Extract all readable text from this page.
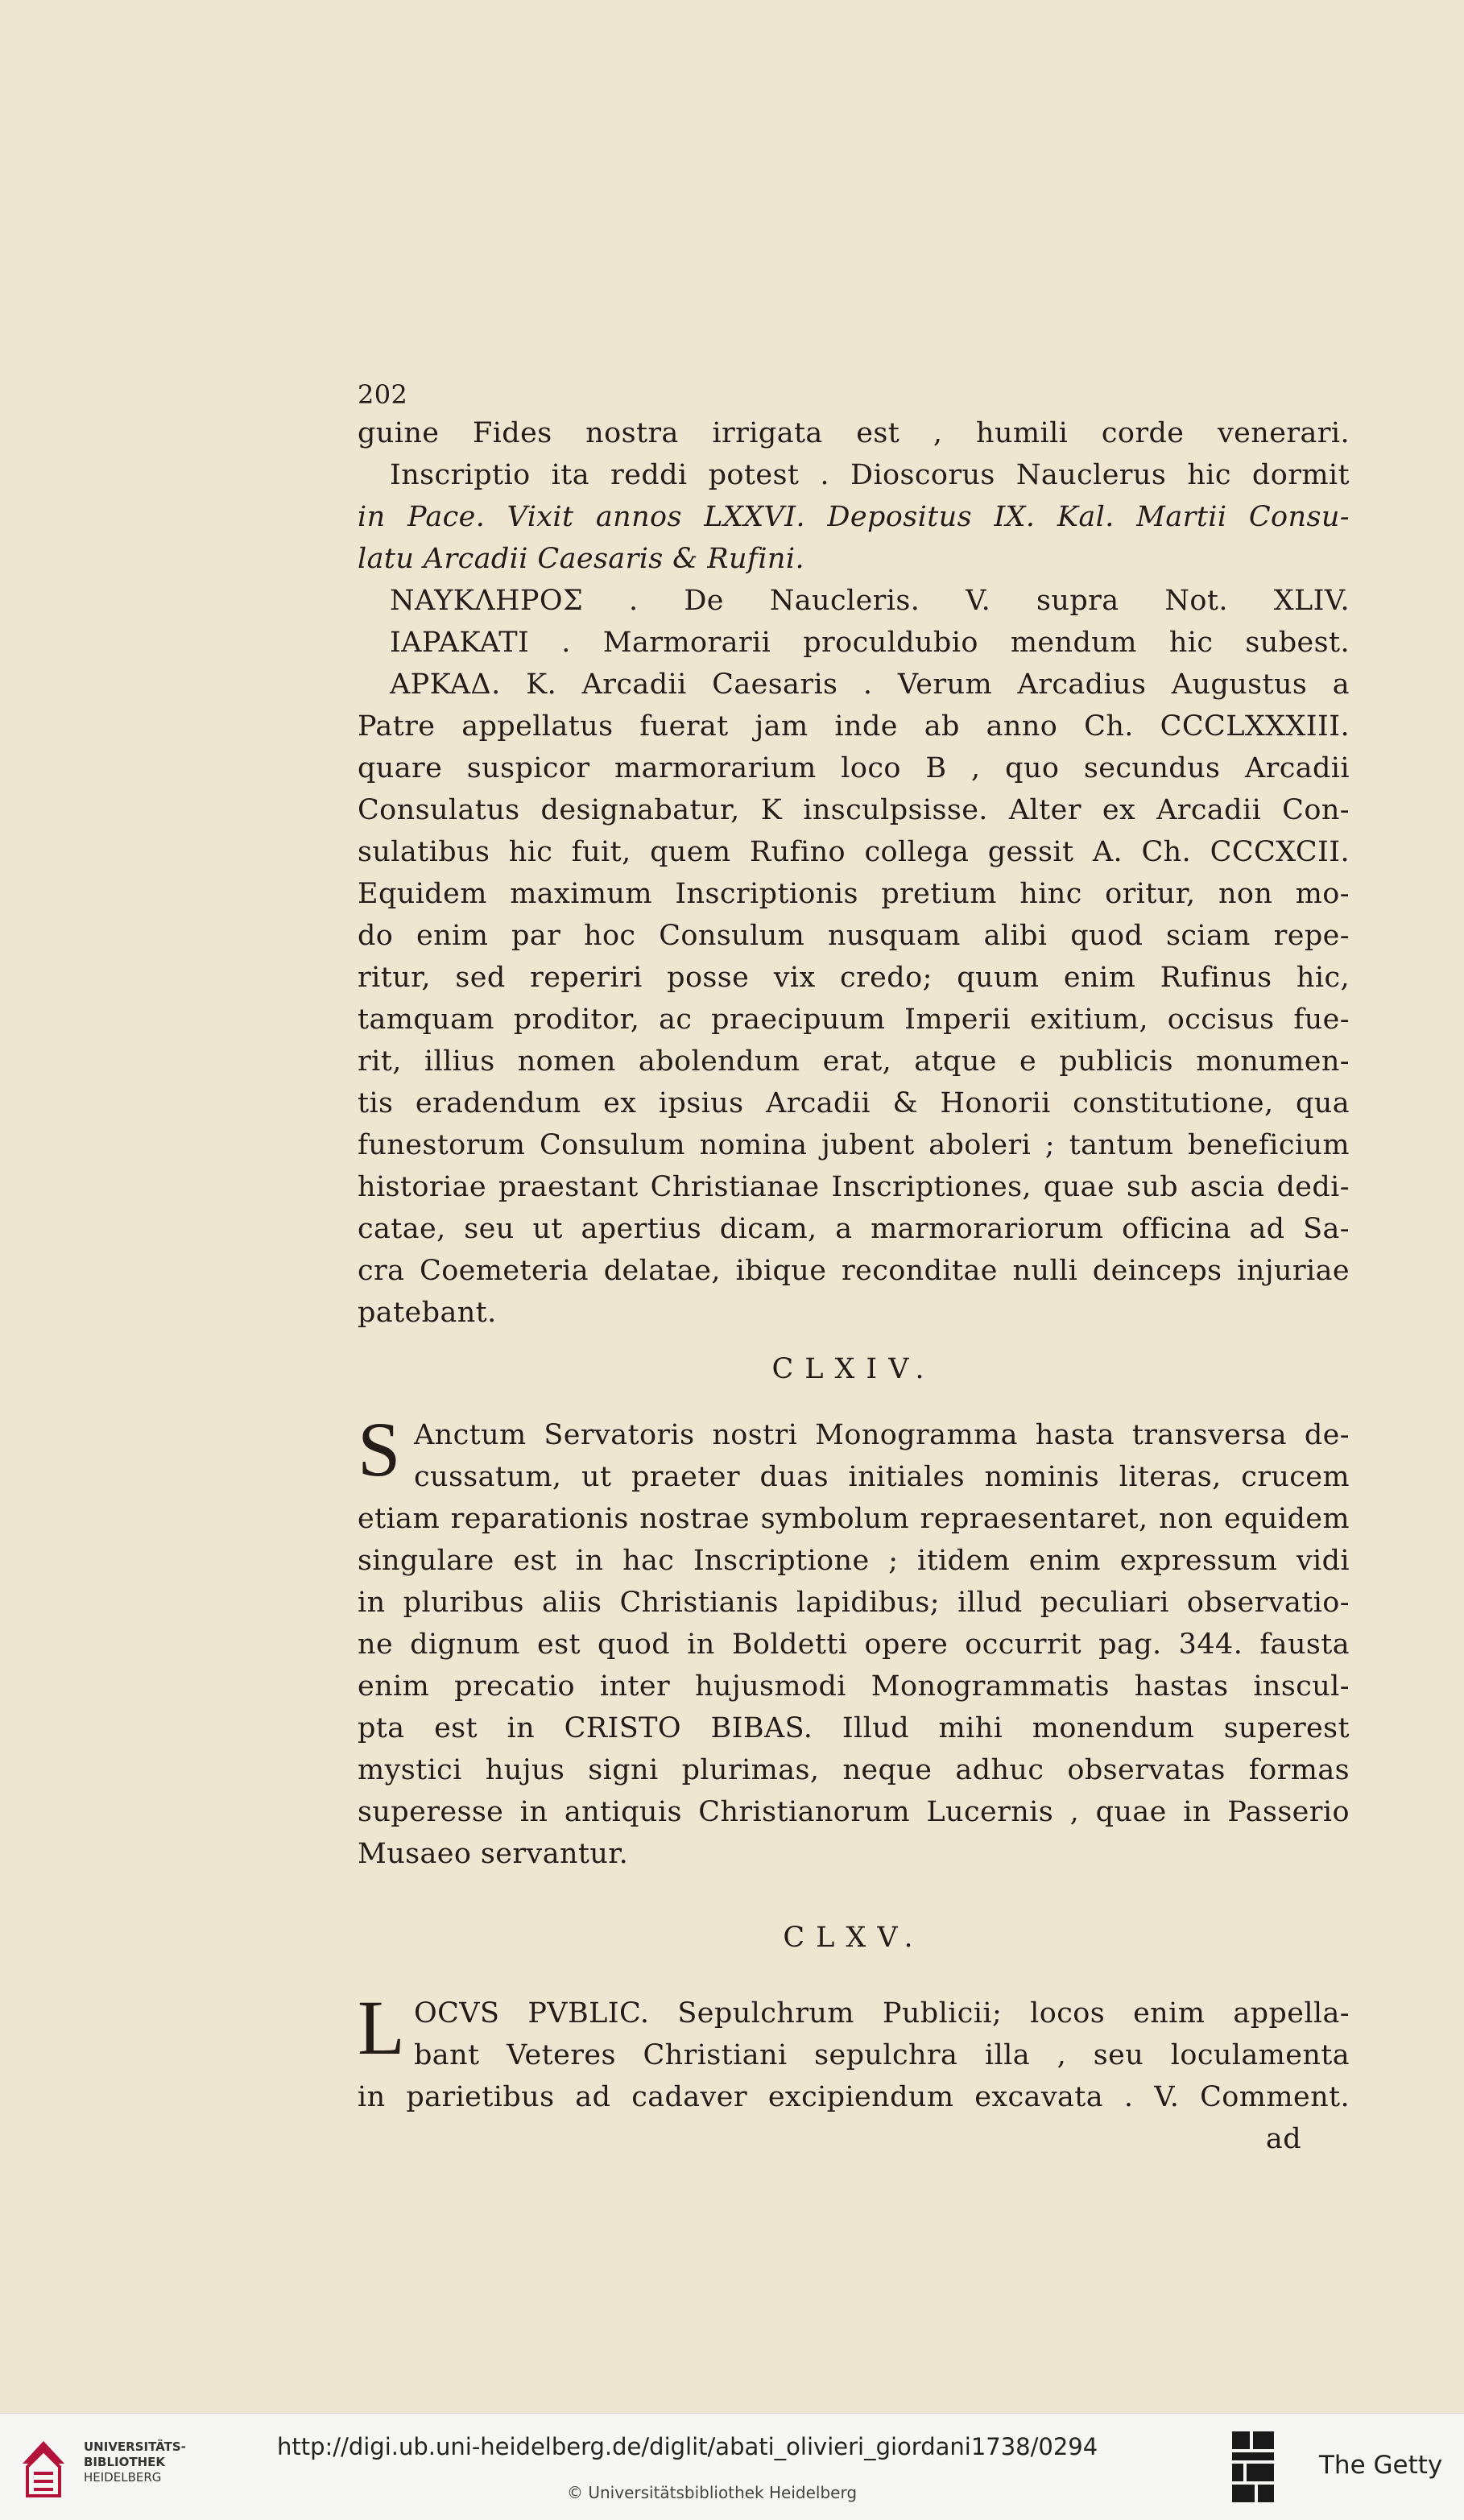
202
guine Fides nostra irrigata est , humili corde venerari.
Inscriptio ita reddi potest . Dioscorus Nauclerus hic dormit
in Pace. Vixit annos LXXVI. Depositus IX. Kal. Martii Consu-
latu Arcadii Caesaris & Rufini.
NAYKΛHPOΣ . De Naucleris. V. supra Not. XLIV.
IAPAKATI . Marmorarii proculdubio mendum hic subest.
APKAΔ. K. Arcadii Caesaris . Verum Arcadius Augustus a
Patre appellatus fuerat jam inde ab anno Ch. CCCLXXXIII.
quare suspicor marmorarium loco B , quo secundus Arcadii
Consulatus designabatur, K insculpsisse. Alter ex Arcadii Con-
sulatibus hic fuit, quem Rufino collega gessit A. Ch. CCCXCII.
Equidem maximum Inscriptionis pretium hinc oritur, non mo-
do enim par hoc Consulum nusquam alibi quod sciam repe-
ritur, sed reperiri posse vix credo; quum enim Rufinus hic,
tamquam proditor, ac praecipuum Imperii exitium, occisus fue-
rit, illius nomen abolendum erat, atque e publicis monumen-
tis eradendum ex ipsius Arcadii & Honorii constitutione, qua
funestorum Consulum nomina jubent aboleri ; tantum beneficium
historiae praestant Christianae Inscriptiones, quae sub ascia dedi-
catae, seu ut apertius dicam, a marmorariorum officina ad Sa-
cra Coemeteria delatae, ibique reconditae nulli deinceps injuriae
patebant.
CLXIV.
S Anctum Servatoris nostri Monogramma hasta transversa de-
cussatum, ut praeter duas initiales nominis literas, crucem
etiam reparationis nostrae symbolum repraesentaret, non equidem
singulare est in hac Inscriptione ; itidem enim expressum vidi
in pluribus aliis Christianis lapidibus; illud peculiari observatio-
ne dignum est quod in Boldetti opere occurrit pag. 344. fausta
enim precatio inter hujusmodi Monogrammatis hastas inscul-
pta est in CRISTO BIBAS. Illud mihi monendum superest
mystici hujus signi plurimas, neque adhuc observatas formas
superesse in antiquis Christianorum Lucernis , quae in Passerio
Musaeo servantur.
CLXV.
L OCVS PVBLIC. Sepulchrum Publicii; locos enim appella-
bant Veteres Christiani sepulchra illa , seu loculamenta
in parietibus ad cadaver excipiendum excavata . V. Comment.
ad
UNIVERSITÄTS-
BIBLIOTHEK
HEIDELBERG
http://digi.ub.uni-heidelberg.de/diglit/abati_olivieri_giordani1738/0294
© Universitätsbibliothek Heidelberg
The Getty
